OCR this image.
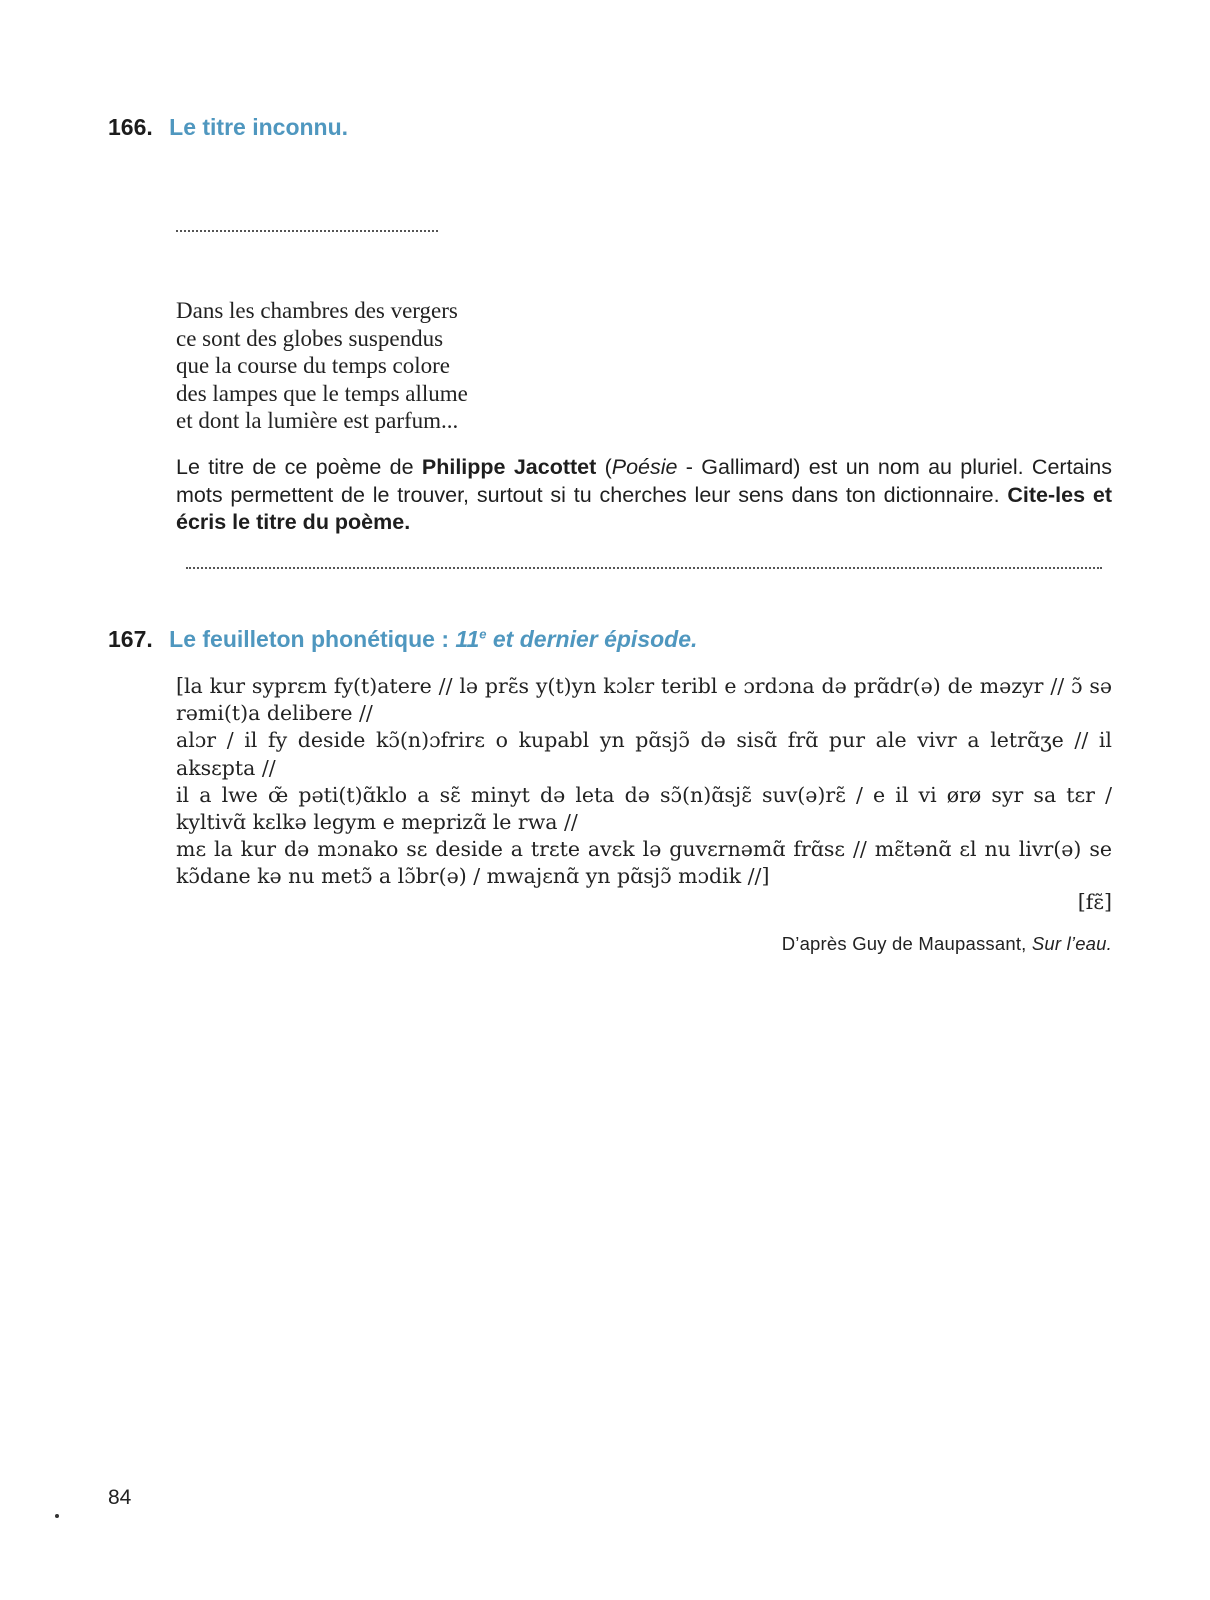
166. Le titre inconnu.
Dans les chambres des vergers
ce sont des globes suspendus
que la course du temps colore
des lampes que le temps allume
et dont la lumière est parfum...
Le titre de ce poème de Philippe Jacottet (Poésie - Gallimard) est un nom au pluriel. Certains mots permettent de le trouver, surtout si tu cherches leur sens dans ton dictionnaire. Cite-les et écris le titre du poème.
167. Le feuilleton phonétique : 11e et dernier épisode.

[la kur syprɛm fy(t)atere // lə prɛ̃s y(t)yn kɔlɛr teribl e ɔrdɔna də prɑ̃dr(ə) de məzyr // ɔ̃ sə rəmi(t)a delibere //

alɔr / il fy deside kɔ̃(n)ɔfrirɛ o kupabl yn pɑ̃sjɔ̃ də sisɑ̃ frɑ̃ pur ale vivr a letrɑ̃ʒe // il aksɛpta //

il a lwe œ̃ pəti(t)ɑ̃klo a sɛ̃ minyt də leta də sɔ̃(n)ɑ̃sjɛ̃ suv(ə)rɛ̃ / e il vi ørø syr sa tɛr / kyltivɑ̃ kɛlkə legym e meprizɑ̃ le rwa //

mɛ la kur də mɔnako sɛ deside a trɛte avɛk lə guvɛrnəmɑ̃ frɑ̃sɛ // mɛ̃tənɑ̃ ɛl nu livr(ə) se kɔ̃dane kə nu metɔ̃ a lɔ̃br(ə) / mwajɛnɑ̃ yn pɑ̃sjɔ̃ mɔdik //]

[fɛ̃]
D’après Guy de Maupassant, Sur l’eau.
84
